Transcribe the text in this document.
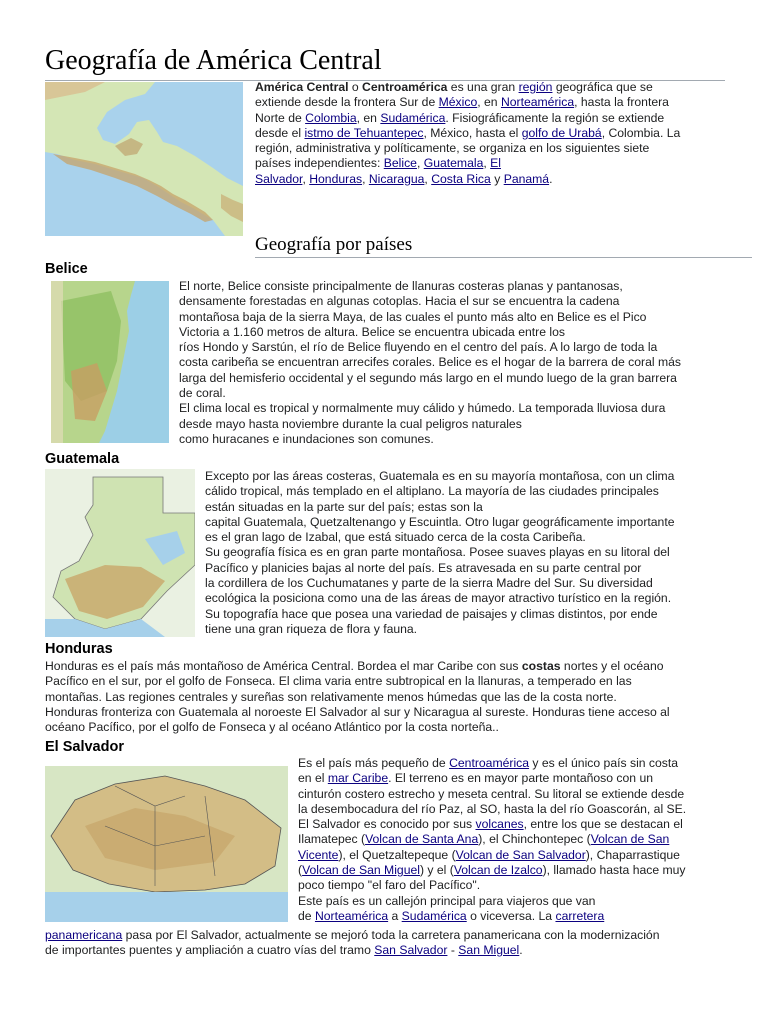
Geografía de América Central
América Central o Centroamérica es una gran región geográfica que se
extiende desde la frontera Sur de México, en Norteamérica, hasta la frontera
Norte de Colombia, en Sudamérica. Fisiográficamente la región se extiende
desde el istmo de Tehuantepec, México, hasta el golfo de Urabá, Colombia. La
región, administrativa y políticamente, se organiza en los siguientes siete
países independientes: Belice, Guatemala, El
Salvador, Honduras, Nicaragua, Costa Rica y Panamá.
Geografía por países
Belice
El norte, Belice consiste principalmente de llanuras costeras planas y pantanosas,
densamente forestadas en algunas cotoplas. Hacia el sur se encuentra la cadena
montañosa baja de la sierra Maya, de las cuales el punto más alto en Belice es el Pico
Victoria a 1.160 metros de altura. Belice se encuentra ubicada entre los
ríos Hondo y Sarstún, el río de Belice fluyendo en el centro del país. A lo largo de toda la
costa caribeña se encuentran arrecifes corales. Belice es el hogar de la barrera de coral más
larga del hemisferio occidental y el segundo más largo en el mundo luego de la gran barrera
de coral.
El clima local es tropical y normalmente muy cálido y húmedo. La temporada lluviosa dura
desde mayo hasta noviembre durante la cual peligros naturales
como huracanes e inundaciones son comunes.
Guatemala
Excepto por las áreas costeras, Guatemala es en su mayoría montañosa, con un clima
cálido tropical, más templado en el altiplano. La mayoría de las ciudades principales
están situadas en la parte sur del país; estas son la
capital Guatemala, Quetzaltenango y Escuintla. Otro lugar geográficamente importante
es el gran lago de Izabal, que está situado cerca de la costa Caribeña.
Su geografía física es en gran parte montañosa. Posee suaves playas en su litoral del
Pacífico y planicies bajas al norte del país. Es atravesada en su parte central por
la cordillera de los Cuchumatanes y parte de la sierra Madre del Sur. Su diversidad
ecológica la posiciona como una de las áreas de mayor atractivo turístico en la región.
Su topografía hace que posea una variedad de paisajes y climas distintos, por ende
tiene una gran riqueza de flora y fauna.
Honduras
Honduras es el país más montañoso de América Central. Bordea el mar Caribe con sus costas nortes y el océano
Pacífico en el sur, por el golfo de Fonseca. El clima varia entre subtropical en la llanuras, a temperado en las
montañas. Las regiones centrales y sureñas son relativamente menos húmedas que las de la costa norte.
Honduras fronteriza con Guatemala al noroeste El Salvador al sur y Nicaragua al sureste. Honduras tiene acceso al
océano Pacífico, por el golfo de Fonseca y al océano Atlántico por la costa norteña..
El Salvador
Es el país más pequeño de Centroamérica y es el único país sin costa
en el mar Caribe. El terreno es en mayor parte montañoso con un
cinturón costero estrecho y meseta central. Su litoral se extiende desde
la desembocadura del río Paz, al SO, hasta la del río Goascorán, al SE.
El Salvador es conocido por sus volcanes, entre los que se destacan el
Ilamatepec (Volcan de Santa Ana), el Chinchontepec (Volcan de San
Vicente), el Quetzaltepeque (Volcan de San Salvador), Chaparrastique
(Volcan de San Miguel) y el (Volcan de Izalco), llamado hasta hace muy
poco tiempo "el faro del Pacífico".
Este país es un callejón principal para viajeros que van
de Norteamérica a Sudamérica o viceversa. La carretera
panamericana pasa por El Salvador, actualmente se mejoró toda la carretera panamericana con la modernización
de importantes puentes y ampliación a cuatro vías del tramo San Salvador - San Miguel.
